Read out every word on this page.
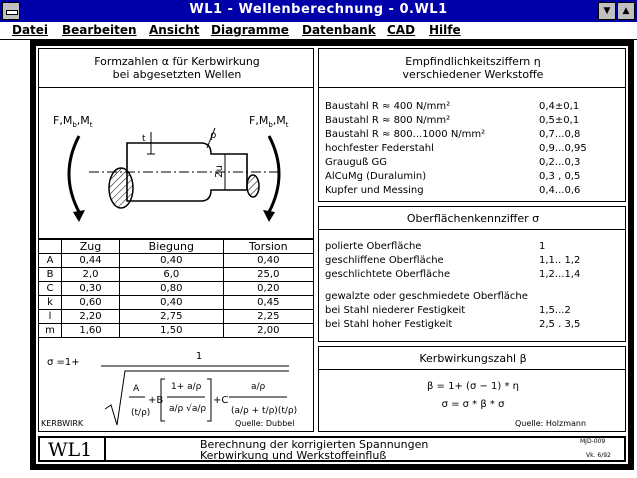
WL1 - Wellenberechnung - 0.WL1	▼	▲
Datei Bearbeiten Ansicht Diagramme Datenbank CAD Hilfe
Formzahlen α für Kerbwirkung
bei abgesetzten Wellen
$F,M_b,M_t$	$F,M_b,M_t$
ρ
t
2u
	Zug	Biegung	Torsion
A	0,44	0,40	0,40
B	2,0	6,0	25,0
C	0,30	0,80	0,20
k	0,60	0,40	0,45
l	2,20	2,75	2,25
m	1,60	1,50	2,00
σ =1+
1
A
(t/ρ)
+B
1+ a/ρ
a/ρ √a/ρ
+C
a/ρ
(a/ρ + t/ρ)(t/ρ)
KERBWIRK	Quelle: Dubbel
Empfindlichkeitsziffern η
verschiedener Werkstoffe
Baustahl R ≈ 400 N/mm²	0,4±0,1
Baustahl R ≈ 800 N/mm²	0,5±0,1
Baustahl R ≈ 800...1000 N/mm²	0,7...0,8
hochfester Federstahl	0,9...0,95
Grauguß GG	0,2...0,3
AlCuMg (Duralumin)	0,3 , 0,5
Kupfer und Messing	0,4...0,6
Oberflächenkennziffer σ
polierte Oberfläche	1
geschliffene Oberfläche	1,1.. 1,2
geschlichtete Oberfläche	1,2...1,4
gewalzte oder geschmiedete Oberfläche
bei Stahl niederer Festigkeit	1,5...2
bei Stahl hoher Festigkeit	2,5 . 3,5
Kerbwirkungszahl β
β = 1+ (σ − 1) * η
σ = σ * β * σ
Quelle: Holzmann
WL1	Berechnung der korrigierten Spannungen
Kerbwirkung und Werkstoffeinfluß
MJD-009
Vk. 6/92
